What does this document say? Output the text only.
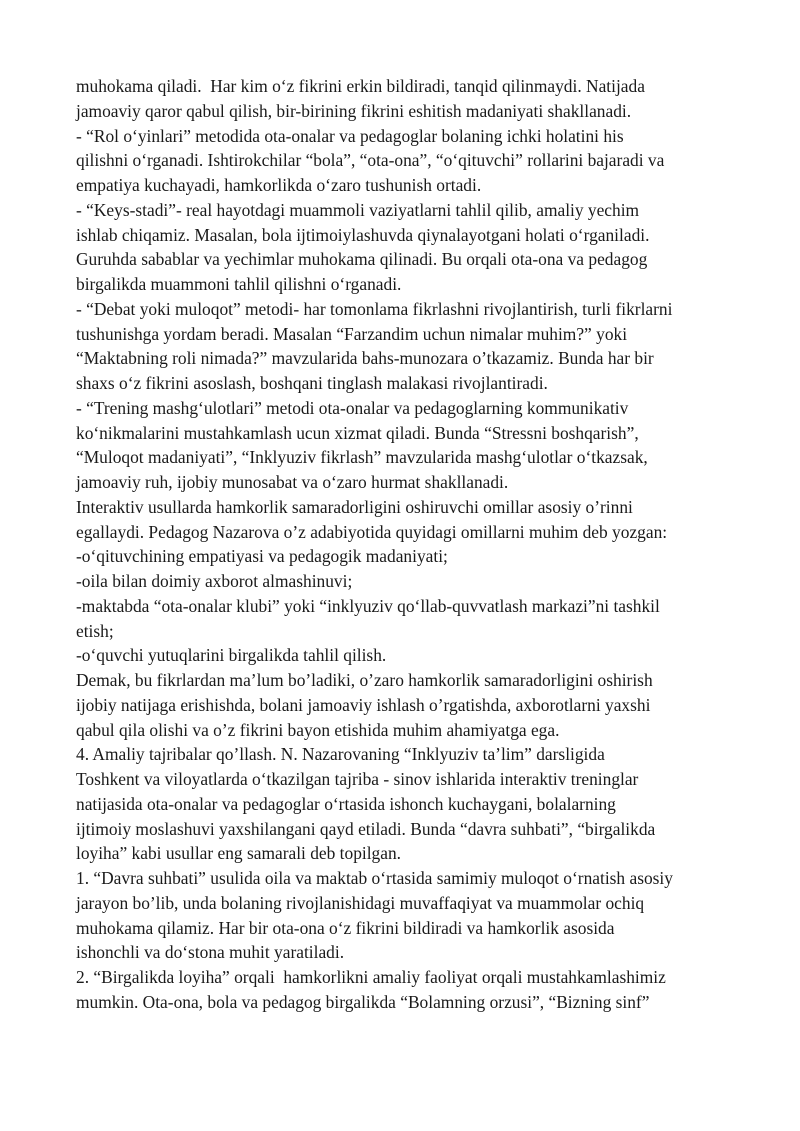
muhokama qiladi.  Har kim o‘z fikrini erkin bildiradi, tanqid qilinmaydi. Natijada
jamoaviy qaror qabul qilish, bir-birining fikrini eshitish madaniyati shakllanadi.
- “Rol o‘yinlari” metodida ota-onalar va pedagoglar bolaning ichki holatini his
qilishni o‘rganadi. Ishtirokchilar “bola”, “ota-ona”, “o‘qituvchi” rollarini bajaradi va
empatiya kuchayadi, hamkorlikda o‘zaro tushunish ortadi.
- “Keys-stadi”- real hayotdagi muammoli vaziyatlarni tahlil qilib, amaliy yechim
ishlab chiqamiz. Masalan, bola ijtimoiylashuvda qiynalayotgani holati o‘rganiladi.
Guruhda sabablar va yechimlar muhokama qilinadi. Bu orqali ota-ona va pedagog
birgalikda muammoni tahlil qilishni o‘rganadi.
- “Debat yoki muloqot” metodi- har tomonlama fikrlashni rivojlantirish, turli fikrlarni
tushunishga yordam beradi. Masalan “Farzandim uchun nimalar muhim?” yoki
“Maktabning roli nimada?” mavzularida bahs-munozara o’tkazamiz. Bunda har bir
shaxs o‘z fikrini asoslash, boshqani tinglash malakasi rivojlantiradi.
- “Trening mashg‘ulotlari” metodi ota-onalar va pedagoglarning kommunikativ
ko‘nikmalarini mustahkamlash ucun xizmat qiladi. Bunda “Stressni boshqarish”,
“Muloqot madaniyati”, “Inklyuziv fikrlash” mavzularida mashg‘ulotlar o‘tkazsak,
jamoaviy ruh, ijobiy munosabat va o‘zaro hurmat shakllanadi.
Interaktiv usullarda hamkorlik samaradorligini oshiruvchi omillar asosiy o’rinni
egallaydi. Pedagog Nazarova o’z adabiyotida quyidagi omillarni muhim deb yozgan:
-o‘qituvchining empatiyasi va pedagogik madaniyati;
-oila bilan doimiy axborot almashinuvi;
-maktabda “ota-onalar klubi” yoki “inklyuziv qo‘llab-quvvatlash markazi”ni tashkil
etish;
-o‘quvchi yutuqlarini birgalikda tahlil qilish.
Demak, bu fikrlardan ma’lum bo’ladiki, o’zaro hamkorlik samaradorligini oshirish
ijobiy natijaga erishishda, bolani jamoaviy ishlash o’rgatishda, axborotlarni yaxshi
qabul qila olishi va o’z fikrini bayon etishida muhim ahamiyatga ega.
4. Amaliy tajribalar qo’llash. N. Nazarovaning “Inklyuziv ta’lim” darsligida
Toshkent va viloyatlarda o‘tkazilgan tajriba - sinov ishlarida interaktiv treninglar
natijasida ota-onalar va pedagoglar o‘rtasida ishonch kuchaygani, bolalarning
ijtimoiy moslashuvi yaxshilangani qayd etiladi. Bunda “davra suhbati”, “birgalikda
loyiha” kabi usullar eng samarali deb topilgan.
1. “Davra suhbati” usulida oila va maktab o‘rtasida samimiy muloqot o‘rnatish asosiy
jarayon bo’lib, unda bolaning rivojlanishidagi muvaffaqiyat va muammolar ochiq
muhokama qilamiz. Har bir ota-ona o‘z fikrini bildiradi va hamkorlik asosida
ishonchli va do‘stona muhit yaratiladi.
2. “Birgalikda loyiha” orqali  hamkorlikni amaliy faoliyat orqali mustahkamlashimiz
mumkin. Ota-ona, bola va pedagog birgalikda “Bolamning orzusi”, “Bizning sinf”
